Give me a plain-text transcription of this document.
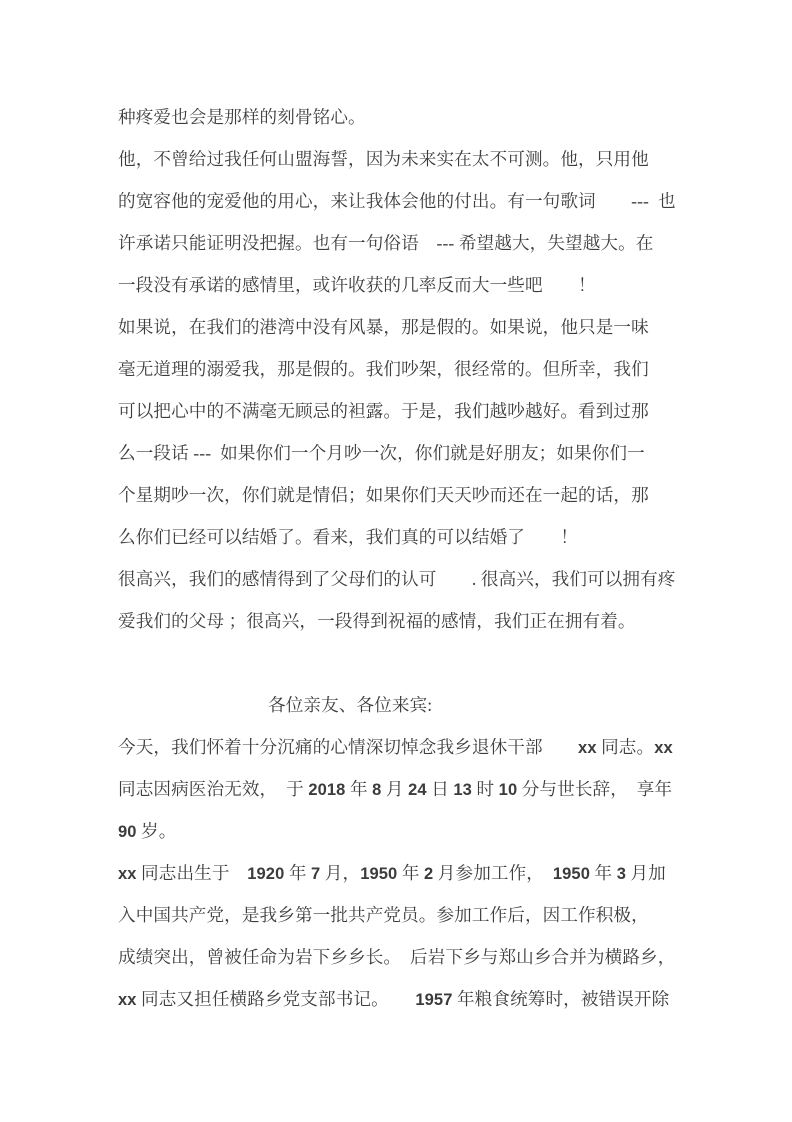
种疼爱也会是那样的刻骨铭心。
他，不曾给过我任何山盟海誓，因为未来实在太不可测。他，只用他
的宽容他的宠爱他的用心，来让我体会他的付出。有一句歌词　　---  也
许承诺只能证明没把握。也有一句俗语　--- 希望越大，失望越大。在
一段没有承诺的感情里，或许收获的几率反而大一些吧　　！
如果说，在我们的港湾中没有风暴，那是假的。如果说，他只是一味
毫无道理的溺爱我，那是假的。我们吵架，很经常的。但所幸，我们
可以把心中的不满毫无顾忌的袒露。于是，我们越吵越好。看到过那
么一段话 ---  如果你们一个月吵一次，你们就是好朋友；如果你们一
个星期吵一次，你们就是情侣；如果你们天天吵而还在一起的话，那
么你们已经可以结婚了。看来，我们真的可以结婚了　　！
很高兴，我们的感情得到了父母们的认可　　. 很高兴，我们可以拥有疼
爱我们的父母 ；很高兴，一段得到祝福的感情，我们正在拥有着。
各位亲友、各位来宾:
今天，我们怀着十分沉痛的心情深切悼念我乡退休干部　　xx 同志。xx
同志因病医治无效，　于 2018 年 8 月 24 日 13 时 10 分与世长辞，　享年
90 岁。
xx 同志出生于　1920 年 7 月，1950 年 2 月参加工作，　1950 年 3 月加
入中国共产党，是我乡第一批共产党员。参加工作后，因工作积极，
成绩突出，曾被任命为岩下乡乡长。　后岩下乡与郑山乡合并为横路乡，
xx 同志又担任横路乡党支部书记。　　1957 年粮食统筹时，被错误开除
